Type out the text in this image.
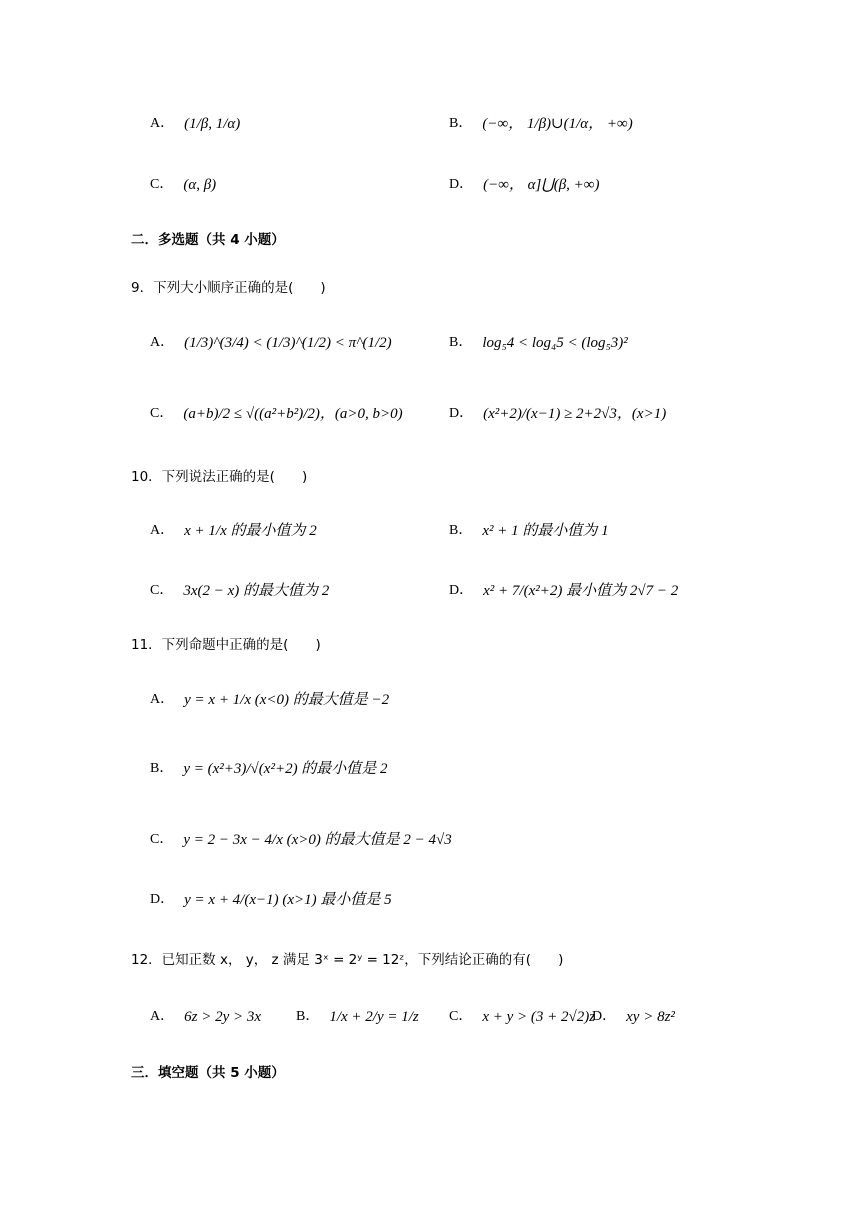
A． (1/β, 1/α)	B． (−∞， 1/β)∪(1/α， +∞)
C． (α, β)	D． (−∞， α]⋃(β, +∞)
二．多选题（共 4 小题）
9．下列大小顺序正确的是(　　)
A． (1/3)^(3/4) < (1/3)^(1/2) < π^(1/2)	B． log₅4 < log₄5 < (log₅3)²
C． (a+b)/2 ≤ √((a²+b²)/2)，(a>0, b>0)	D． (x²+2)/(x−1) ≥ 2+2√3，(x>1)
10．下列说法正确的是(　　)
A． x + 1/x 的最小值为 2	B． x² + 1 的最小值为 1
C． 3x(2 − x) 的最大值为 2	D． x² + 7/(x²+2) 最小值为 2√7 − 2
11．下列命题中正确的是(　　)
A． y = x + 1/x (x<0) 的最大值是 −2
B． y = (x²+3)/√(x²+2) 的最小值是 2
C． y = 2 − 3x − 4/x (x>0) 的最大值是 2 − 4√3
D． y = x + 4/(x−1) (x>1) 最小值是 5
12．已知正数 x， y， z 满足 3ˣ = 2ʸ = 12ᶻ，下列结论正确的有(　　)
A． 6z > 2y > 3x B． 1/x + 2/y = 1/z C． x + y > (3 + 2√2)z
D． xy > 8z²
三．填空题（共 5 小题）
